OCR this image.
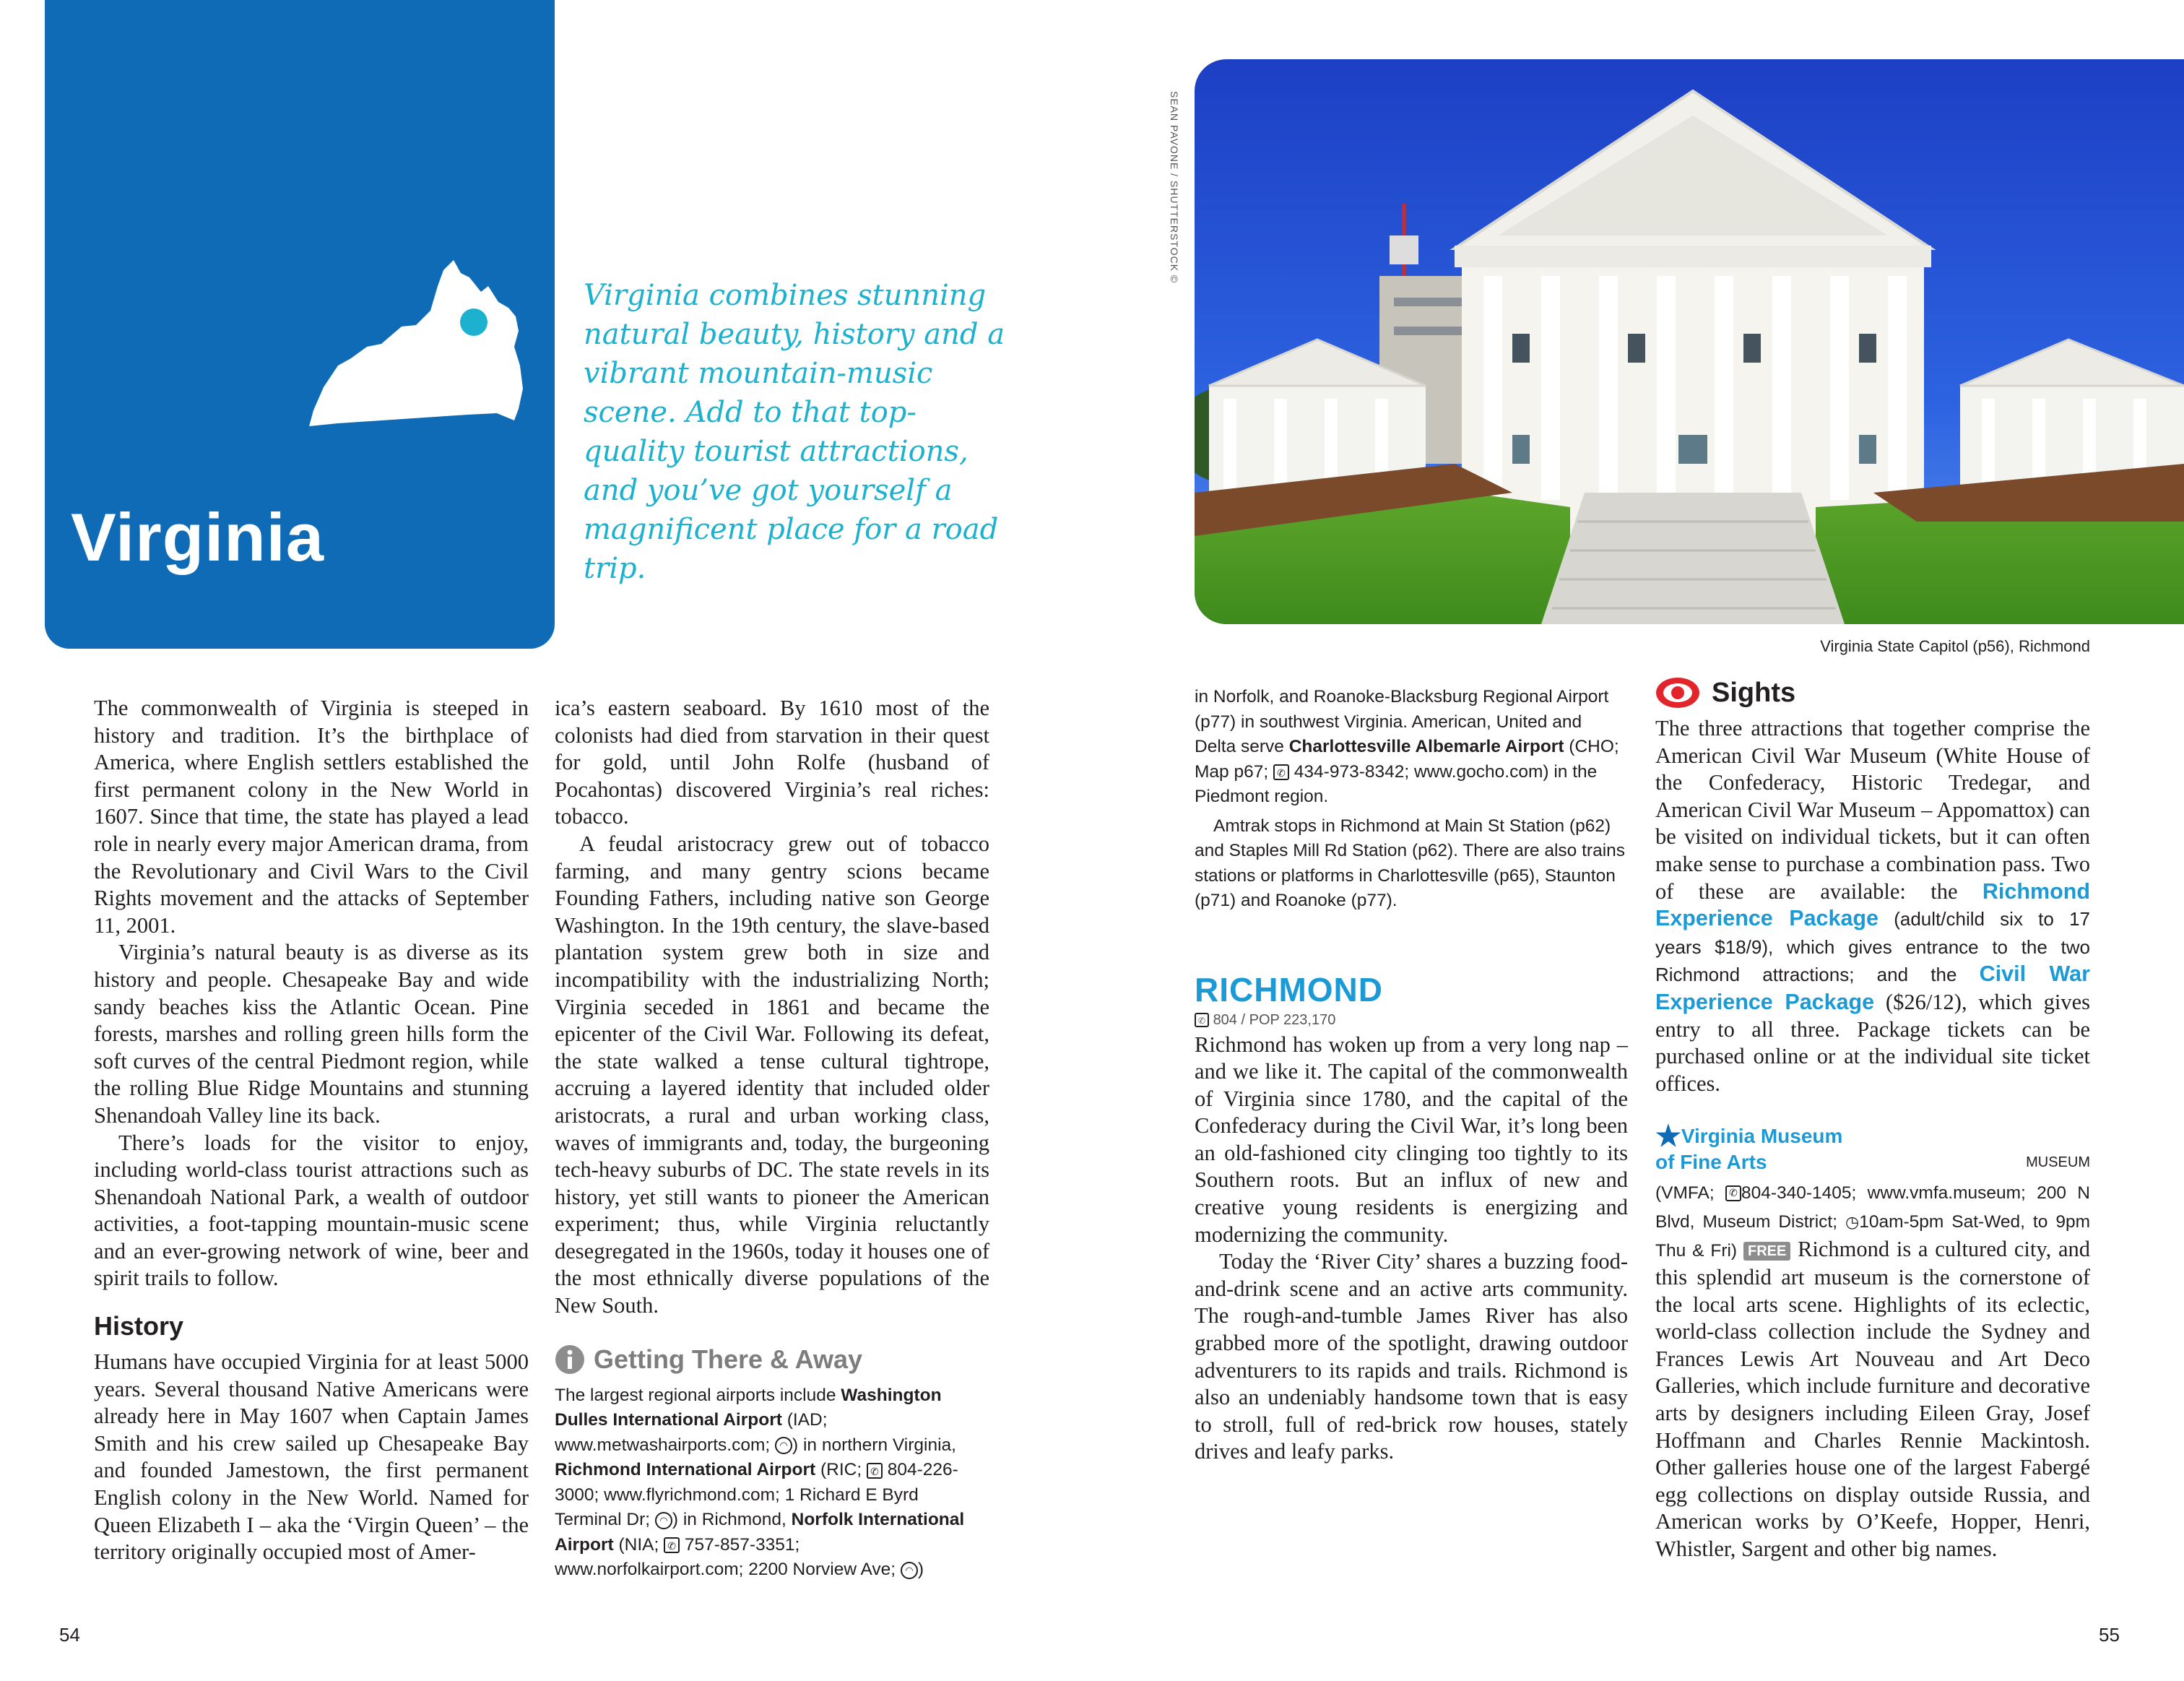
Virginia
Virginia combines stunning natural beauty, history and a vibrant mountain-music scene. Add to that top-quality tourist attractions, and you’ve got yourself a magnificent place for a road trip.
SEAN PAVONE / SHUTTERSTOCK ©
Virginia State Capitol (p56), Richmond

The commonwealth of Virginia is steeped in history and tradition. It’s the birthplace of America, where English settlers established the first permanent colony in the New World in 1607. Since that time, the state has played a lead role in nearly every major American drama, from the Revolutionary and Civil Wars to the Civil Rights movement and the attacks of September 11, 2001.

Virginia’s natural beauty is as diverse as its history and people. Chesapeake Bay and wide sandy beaches kiss the Atlantic Ocean. Pine forests, marshes and rolling green hills form the soft curves of the central Piedmont region, while the rolling Blue Ridge Mountains and stunning Shenandoah Valley line its back.

There’s loads for the visitor to enjoy, including world-class tourist attractions such as Shenandoah National Park, a wealth of outdoor activities, a foot-tapping mountain-music scene and an ever-growing network of wine, beer and spirit trails to follow.

History

Humans have occupied Virginia for at least 5000 years. Several thousand Native Americans were already here in May 1607 when Captain James Smith and his crew sailed up Chesapeake Bay and founded Jamestown, the first permanent English colony in the New World. Named for Queen Elizabeth I – aka the ‘Virgin Queen’ – the territory originally occupied most of Amer-

ica’s eastern seaboard. By 1610 most of the colonists had died from starvation in their quest for gold, until John Rolfe (husband of Pocahontas) discovered Virginia’s real riches: tobacco.

A feudal aristocracy grew out of tobacco farming, and many gentry scions became Founding Fathers, including native son George Washington. In the 19th century, the slave-based plantation system grew both in size and incompatibility with the industrializing North; Virginia seceded in 1861 and became the epicenter of the Civil War. Following its defeat, the state walked a tense cultural tightrope, accruing a layered identity that included older aristocrats, a rural and urban working class, waves of immigrants and, today, the burgeoning tech-heavy suburbs of DC. The state revels in its history, yet still wants to pioneer the American experiment; thus, while Virginia reluctantly desegregated in the 1960s, today it houses one of the most ethnically diverse populations of the New South.

Getting There & Away

The largest regional airports include Washington Dulles International Airport (IAD; www.metwashairports.com; ◠ ) in northern Virginia, Richmond International Airport (RIC; ✆ 804-226-3000; www.flyrichmond.com; 1 Richard E Byrd Terminal Dr; ◠ ) in Richmond, Norfolk International Airport (NIA; ✆ 757-857-3351; www.norfolkairport.com; 2200 Norview Ave; ◠ )

54

in Norfolk, and Roanoke-Blacksburg Regional Airport (p77) in southwest Virginia. American, United and Delta serve Charlottesville Albemarle Airport (CHO; Map p67; ✆ 434-973-8342; www.gocho.com) in the Piedmont region.

Amtrak stops in Richmond at Main St Station (p62) and Staples Mill Rd Station (p62). There are also trains stations or platforms in Charlottesville (p65), Staunton (p71) and Roanoke (p77).

RICHMOND
✆ 804 / POP 223,170

Richmond has woken up from a very long nap – and we like it. The capital of the commonwealth of Virginia since 1780, and the capital of the Confederacy during the Civil War, it’s long been an old-fashioned city clinging too tightly to its Southern roots. But an influx of new and creative young residents is energizing and modernizing the community.

Today the ‘River City’ shares a buzzing food-and-drink scene and an active arts community. The rough-and-tumble James River has also grabbed more of the spotlight, drawing outdoor adventurers to its rapids and trails. Richmond is also an undeniably handsome town that is easy to stroll, full of red-brick row houses, stately drives and leafy parks.

Sights

The three attractions that together comprise the American Civil War Museum (White House of the Confederacy, Historic Tredegar, and American Civil War Museum – Appomattox) can be visited on individual tickets, but it can often make sense to purchase a combination pass. Two of these are available: the Richmond Experience Package (adult/child six to 17 years $18/9), which gives entrance to the two Richmond attractions; and the Civil War Experience Package ($26/12), which gives entry to all three. Package tickets can be purchased online or at the individual site ticket offices.

★Virginia Museum
of Fine Arts	MUSEUM

(VMFA; ✆ 804-340-1405; www.vmfa.museum; 200 N Blvd, Museum District; ◷10am-5pm Sat-Wed, to 9pm Thu & Fri) FREE Richmond is a cultured city, and this splendid art museum is the cornerstone of the local arts scene. Highlights of its eclectic, world-class collection include the Sydney and Frances Lewis Art Nouveau and Art Deco Galleries, which include furniture and decorative arts by designers including Eileen Gray, Josef Hoffmann and Charles Rennie Mackintosh. Other galleries house one of the largest Fabergé egg collections on display outside Russia, and American works by O’Keefe, Hopper, Henri, Whistler, Sargent and other big names.

55
